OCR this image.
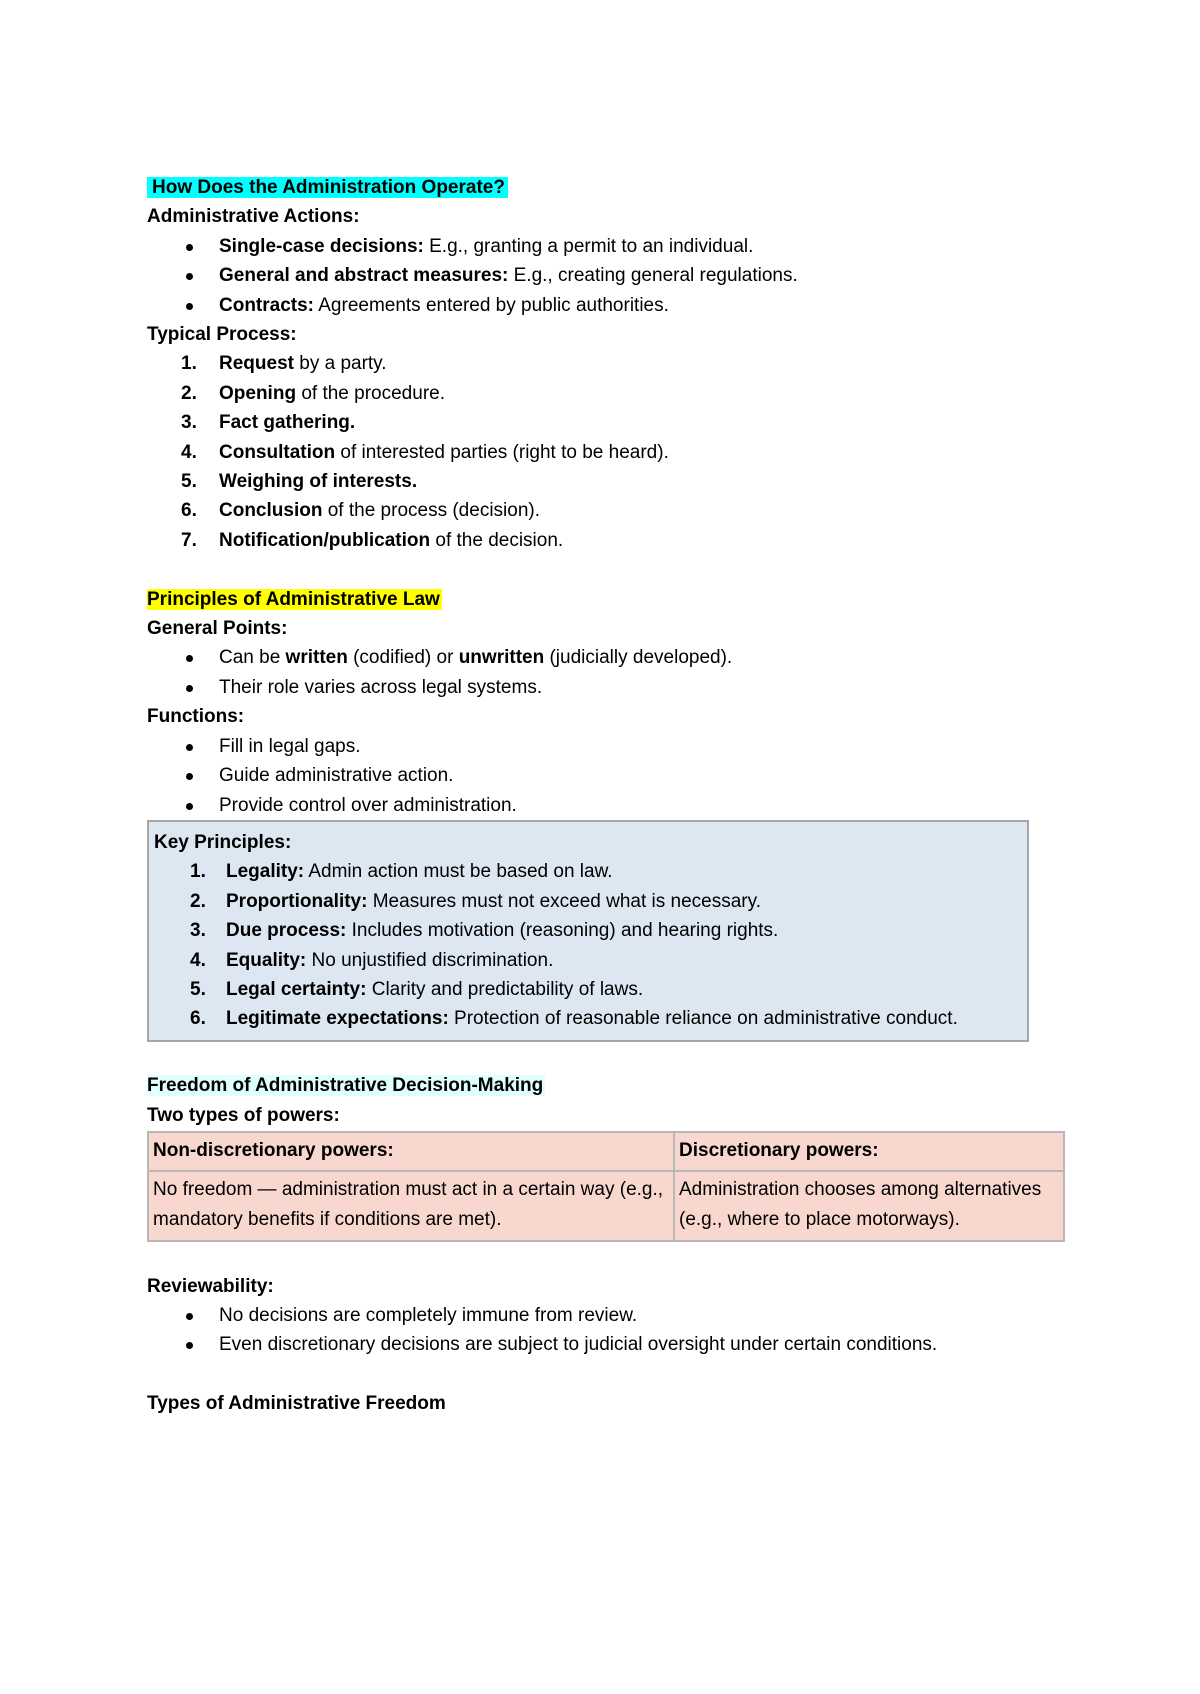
How Does the Administration Operate?
Administrative Actions:
Single-case decisions: E.g., granting a permit to an individual.
General and abstract measures: E.g., creating general regulations.
Contracts: Agreements entered by public authorities.
Typical Process:
1. Request by a party.
2. Opening of the procedure.
3. Fact gathering.
4. Consultation of interested parties (right to be heard).
5. Weighing of interests.
6. Conclusion of the process (decision).
7. Notification/publication of the decision.
Principles of Administrative Law
General Points:
Can be written (codified) or unwritten (judicially developed).
Their role varies across legal systems.
Functions:
Fill in legal gaps.
Guide administrative action.
Provide control over administration.
Key Principles:
1. Legality: Admin action must be based on law.
2. Proportionality: Measures must not exceed what is necessary.
3. Due process: Includes motivation (reasoning) and hearing rights.
4. Equality: No unjustified discrimination.
5. Legal certainty: Clarity and predictability of laws.
6. Legitimate expectations: Protection of reasonable reliance on administrative conduct.
Freedom of Administrative Decision-Making
Two types of powers:
Non-discretionary powers:	Discretionary powers:
No freedom — administration must act in a certain way (e.g., mandatory benefits if conditions are met).	Administration chooses among alternatives (e.g., where to place motorways).
Reviewability:
No decisions are completely immune from review.
Even discretionary decisions are subject to judicial oversight under certain conditions.
Types of Administrative Freedom
